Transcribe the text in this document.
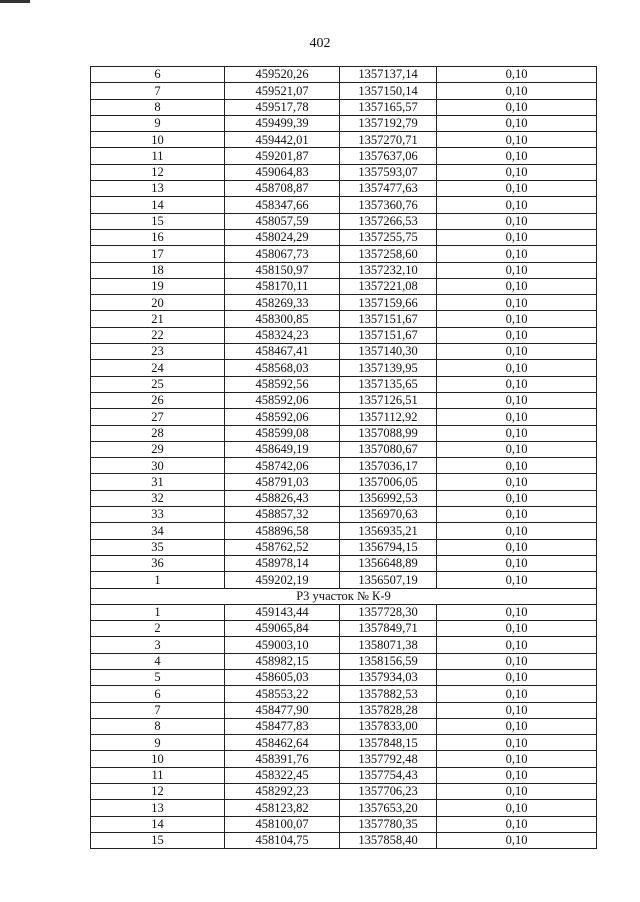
402
6	459520,26	1357137,14	0,10
7	459521,07	1357150,14	0,10
8	459517,78	1357165,57	0,10
9	459499,39	1357192,79	0,10
10	459442,01	1357270,71	0,10
11	459201,87	1357637,06	0,10
12	459064,83	1357593,07	0,10
13	458708,87	1357477,63	0,10
14	458347,66	1357360,76	0,10
15	458057,59	1357266,53	0,10
16	458024,29	1357255,75	0,10
17	458067,73	1357258,60	0,10
18	458150,97	1357232,10	0,10
19	458170,11	1357221,08	0,10
20	458269,33	1357159,66	0,10
21	458300,85	1357151,67	0,10
22	458324,23	1357151,67	0,10
23	458467,41	1357140,30	0,10
24	458568,03	1357139,95	0,10
25	458592,56	1357135,65	0,10
26	458592,06	1357126,51	0,10
27	458592,06	1357112,92	0,10
28	458599,08	1357088,99	0,10
29	458649,19	1357080,67	0,10
30	458742,06	1357036,17	0,10
31	458791,03	1357006,05	0,10
32	458826,43	1356992,53	0,10
33	458857,32	1356970,63	0,10
34	458896,58	1356935,21	0,10
35	458762,52	1356794,15	0,10
36	458978,14	1356648,89	0,10
1	459202,19	1356507,19	0,10
Р3 участок № К-9			
1	459143,44	1357728,30	0,10
2	459065,84	1357849,71	0,10
3	459003,10	1358071,38	0,10
4	458982,15	1358156,59	0,10
5	458605,03	1357934,03	0,10
6	458553,22	1357882,53	0,10
7	458477,90	1357828,28	0,10
8	458477,83	1357833,00	0,10
9	458462,64	1357848,15	0,10
10	458391,76	1357792,48	0,10
11	458322,45	1357754,43	0,10
12	458292,23	1357706,23	0,10
13	458123,82	1357653,20	0,10
14	458100,07	1357780,35	0,10
15	458104,75	1357858,40	0,10
